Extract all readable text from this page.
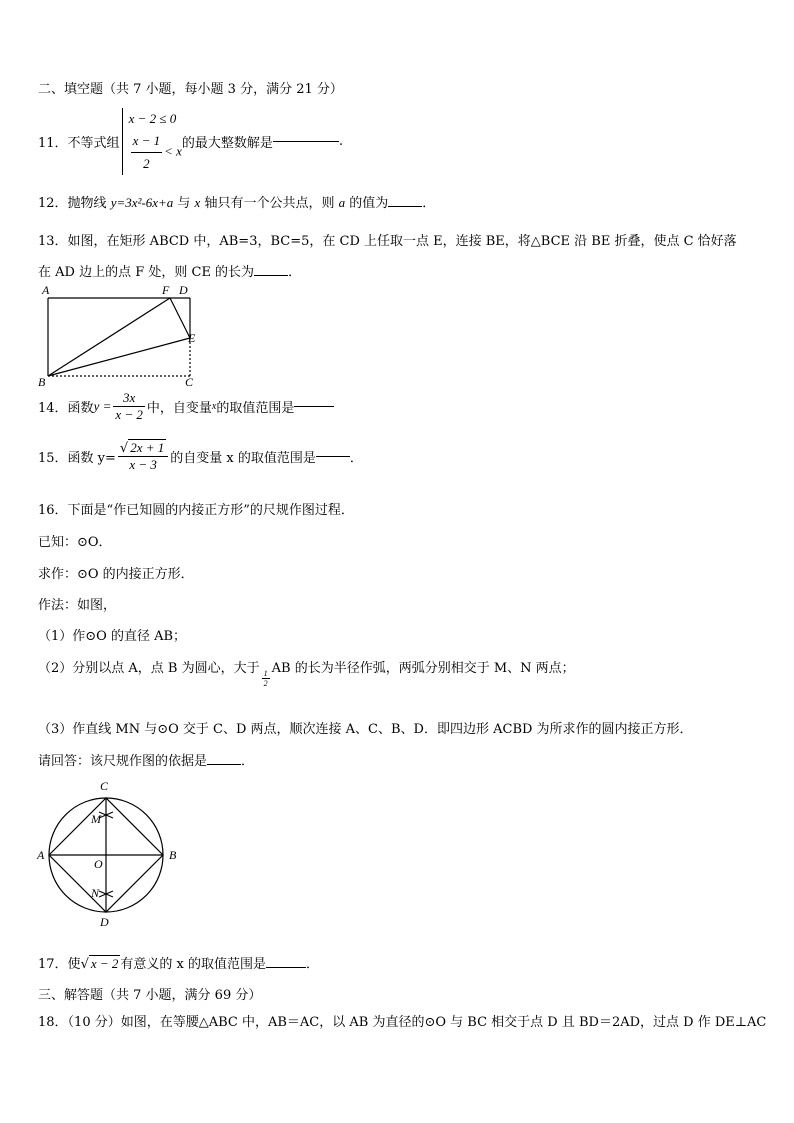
二、填空题（共 7 小题，每小题 3 分，满分 21 分）
11．不等式组
x − 2 ≤ 0
$\frac{x - 1}{2} < x$ 的最大整数解是	.
12．抛物线 y=3x²-6x+a 与 x 轴只有一个公共点，则 a 的值为	．
13．如图，在矩形 ABCD 中，AB=3，BC=5，在 CD 上任取一点 E，连接 BE，将△BCE 沿 BE 折叠，使点 C 恰好落
在 AD 边上的点 F 处，则 CE 的长为	．
A	F D
E
B	C
14．函数$y = \frac{3x}{x - 2}$ 中，自变量x的取值范围是
15．函数 $y= \frac{√ 2x + 1}{x - 3}$ 的自变量 x 的取值范围是	．
16．下面是“作已知圆的内接正方形”的尺规作图过程．
已知：⊙O．
求作：⊙O 的内接正方形．
作法：如图，
（1）作⊙O 的直径 AB；
（2）分别以点 A，点 B 为圆心，大于
$\frac{1}{2}$
AB 的长为半径作弧，两弧分别相交于 M、N 两点；
（3）作直线 MN 与⊙O 交于 C、D 两点，顺次连接 A、C、B、D．即四边形 ACBD 为所求作的圆内接正方形．
请回答：该尺规作图的依据是	．
C
M
A
O
B
N
D
17．使√ x − 2 有意义的 x 的取值范围是	．
三、解答题（共 7 小题，满分 69 分）
18．（10 分）如图，在等腰△ABC 中，AB＝AC，以 AB 为直径的⊙O 与 BC 相交于点 D 且 BD＝2AD，过点 D 作 DE⊥AC
